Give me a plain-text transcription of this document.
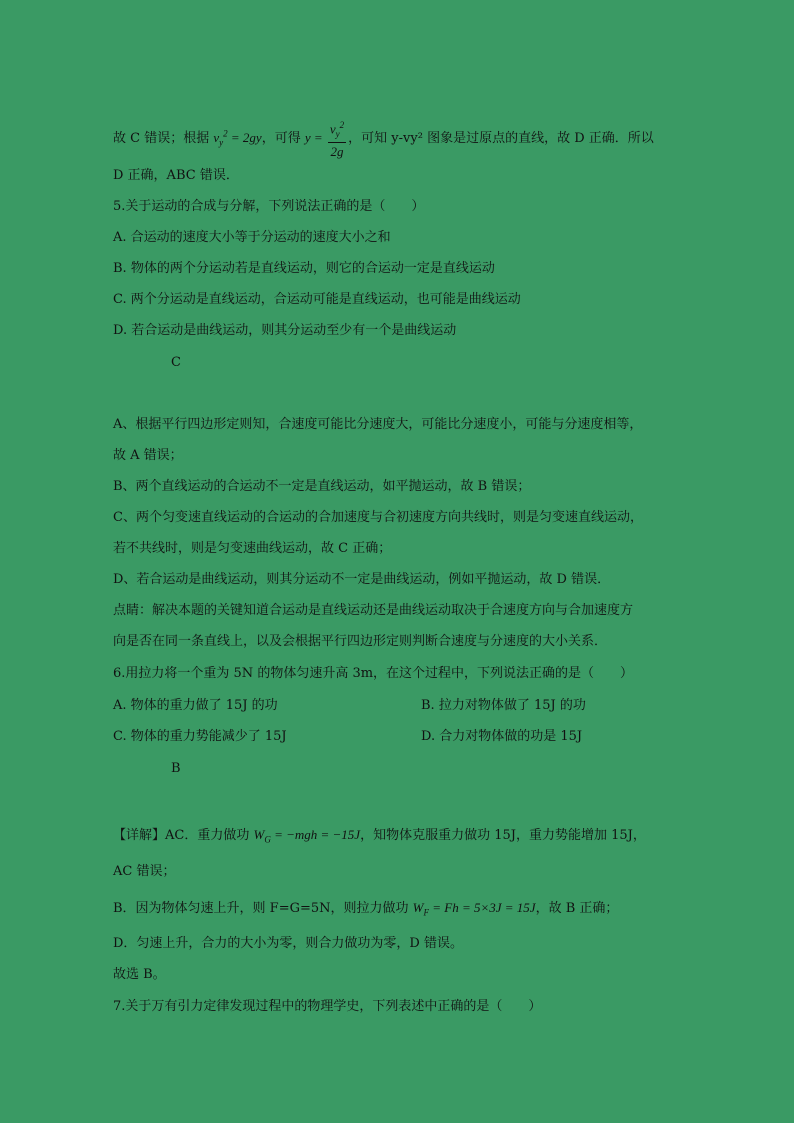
故 C 错误；根据 $v_y^2 = 2gy$，可得 $y = \frac{v_y^2}{2g}$ ，可知 y-vy² 图象是过原点的直线，故 D 正确．所以
D 正确，ABC 错误．
5.关于运动的合成与分解，下列说法正确的是（　　）
A. 合运动的速度大小等于分运动的速度大小之和
B. 物体的两个分运动若是直线运动，则它的合运动一定是直线运动
C. 两个分运动是直线运动，合运动可能是直线运动，也可能是曲线运动
D. 若合运动是曲线运动，则其分运动至少有一个是曲线运动
C
A、根据平行四边形定则知，合速度可能比分速度大，可能比分速度小，可能与分速度相等，
故 A 错误；
B、两个直线运动的合运动不一定是直线运动，如平抛运动，故 B 错误；
C、两个匀变速直线运动的合运动的合加速度与合初速度方向共线时，则是匀变速直线运动，
若不共线时，则是匀变速曲线运动，故 C 正确；
D、若合运动是曲线运动，则其分运动不一定是曲线运动，例如平抛运动，故 D 错误．
点睛：解决本题的关键知道合运动是直线运动还是曲线运动取决于合速度方向与合加速度方
向是否在同一条直线上，以及会根据平行四边形定则判断合速度与分速度的大小关系．
6.用拉力将一个重为 5N 的物体匀速升高 3m，在这个过程中，下列说法正确的是（　　）
A. 物体的重力做了 15J 的功	B. 拉力对物体做了 15J 的功
C. 物体的重力势能减少了 15J	D. 合力对物体做的功是 15J
B
【详解】AC．重力做功 $W_G = -mgh = -15J$，知物体克服重力做功 15J，重力势能增加 15J，
AC 错误；
B．因为物体匀速上升，则 F=G=5N，则拉力做功 $W_F = Fh = 5\times 3J = 15J$，故 B 正确；
D．匀速上升，合力的大小为零，则合力做功为零，D 错误。
故选 B。
7.关于万有引力定律发现过程中的物理学史，下列表述中正确的是（　　）
